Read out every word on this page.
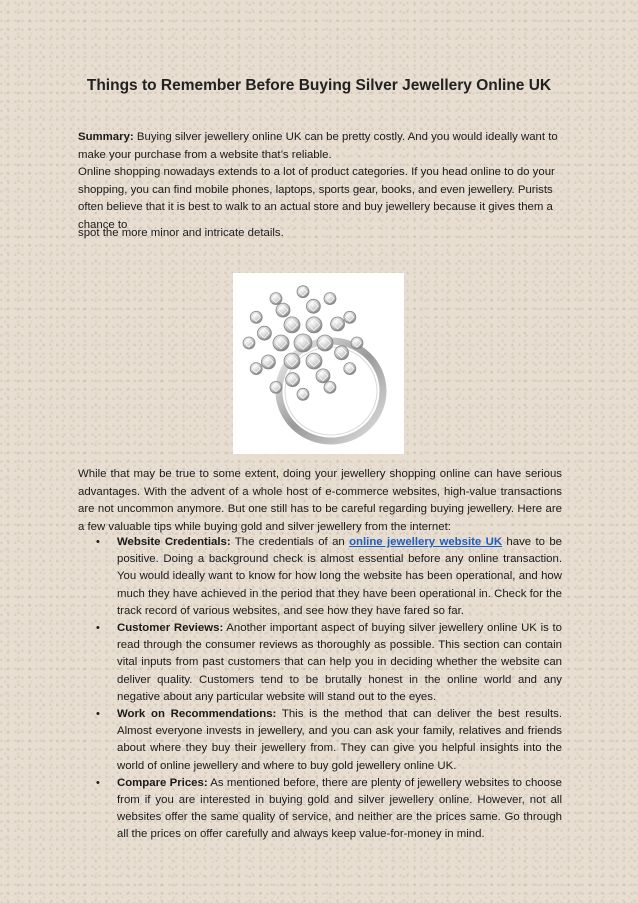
Things to Remember Before Buying Silver Jewellery Online UK

Summary: Buying silver jewellery online UK can be pretty costly. And you would ideally want to make your purchase from a website that’s reliable.

Online shopping nowadays extends to a lot of product categories. If you head online to do your shopping, you can find mobile phones, laptops, sports gear, books, and even jewellery. Purists often believe that it is best to walk to an actual store and buy jewellery because it gives them a chance to

spot the more minor and intricate details.

While that may be true to some extent, doing your jewellery shopping online can have serious advantages. With the advent of a whole host of e-commerce websites, high-value transactions are not uncommon anymore. But one still has to be careful regarding buying jewellery. Here are a few valuable tips while buying gold and silver jewellery from the internet:

• Website Credentials: The credentials of an online jewellery website UK have to be positive. Doing a background check is almost essential before any online transaction. You would ideally want to know for how long the website has been operational, and how much they have achieved in the period that they have been operational in. Check for the track record of various websites, and see how they have fared so far.
• Customer Reviews: Another important aspect of buying silver jewellery online UK is to read through the consumer reviews as thoroughly as possible. This section can contain vital inputs from past customers that can help you in deciding whether the website can deliver quality. Customers tend to be brutally honest in the online world and any negative about any particular website will stand out to the eyes.
• Work on Recommendations: This is the method that can deliver the best results. Almost everyone invests in jewellery, and you can ask your family, relatives and friends about where they buy their jewellery from. They can give you helpful insights into the world of online jewellery and where to buy gold jewellery online UK.
• Compare Prices: As mentioned before, there are plenty of jewellery websites to choose from if you are interested in buying gold and silver jewellery online. However, not all websites offer the same quality of service, and neither are the prices same. Go through all the prices on offer carefully and always keep value-for-money in mind.
